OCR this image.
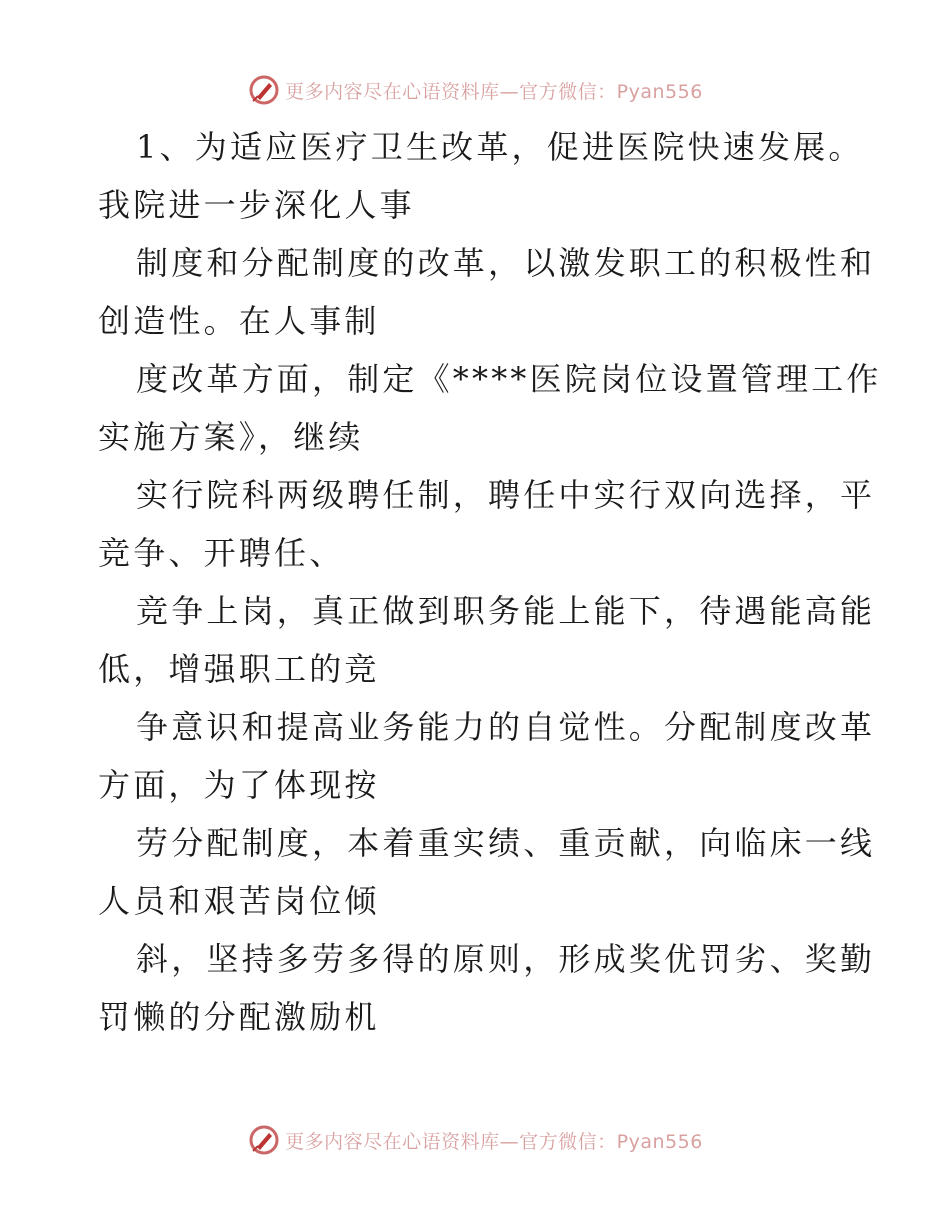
更多内容尽在心语资料库—官方微信：Pyan556
1、为适应医疗卫生改革，促进医院快速发展。
我院进一步深化人事
制度和分配制度的改革，以激发职工的积极性和
创造性。在人事制
度改革方面，制定《****医院岗位设置管理工作
实施方案》，继续
实行院科两级聘任制，聘任中实行双向选择，平
竞争、开聘任、
竞争上岗，真正做到职务能上能下，待遇能高能
低，增强职工的竞
争意识和提高业务能力的自觉性。分配制度改革
方面，为了体现按
劳分配制度，本着重实绩、重贡献，向临床一线
人员和艰苦岗位倾
斜，坚持多劳多得的原则，形成奖优罚劣、奖勤
罚懒的分配激励机
更多内容尽在心语资料库—官方微信：Pyan556
